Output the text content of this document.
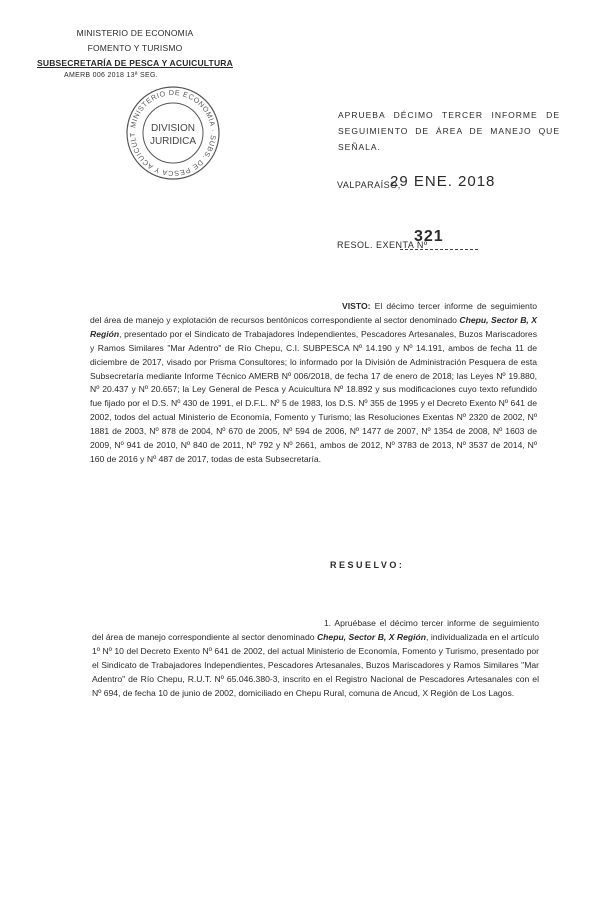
MINISTERIO DE ECONOMIA
FOMENTO Y TURISMO
SUBSECRETARÍA DE PESCA Y ACUICULTURA
AMERB 006 2018 13ª SEG.
MINISTERIO DE ECONOMIA · SUBS. DE PESCA Y ACUICULT
DIVISION
JURIDICA
APRUEBA DÉCIMO TERCER INFORME DE SEGUIMIENTO DE ÁREA DE MANEJO QUE SEÑALA.
VALPARAÍSO,
29 ENE. 2018
RESOL. EXENTA Nº
321
VISTO: El décimo tercer informe de seguimiento del área de manejo y explotación de recursos bentónicos correspondiente al sector denominado Chepu, Sector B, X Región, presentado por el Sindicato de Trabajadores Independientes, Pescadores Artesanales, Buzos Mariscadores y Ramos Similares "Mar Adentro" de Río Chepu, C.I. SUBPESCA Nº 14.190 y Nº 14.191, ambos de fecha 11 de diciembre de 2017, visado por Prisma Consultores; lo informado por la División de Administración Pesquera de esta Subsecretaría mediante Informe Técnico AMERB Nº 006/2018, de fecha 17 de enero de 2018; las Leyes Nº 19.880, Nº 20.437 y Nº 20.657; la Ley General de Pesca y Acuicultura Nº 18.892 y sus modificaciones cuyo texto refundido fue fijado por el D.S. Nº 430 de 1991, el D.F.L. Nº 5 de 1983, los D.S. Nº 355 de 1995 y el Decreto Exento Nº 641 de 2002, todos del actual Ministerio de Economía, Fomento y Turismo; las Resoluciones Exentas Nº 2320 de 2002, Nº 1881 de 2003, Nº 878 de 2004, Nº 670 de 2005, Nº 594 de 2006, Nº 1477 de 2007, Nº 1354 de 2008, Nº 1603 de 2009, Nº 941 de 2010, Nº 840 de 2011, Nº 792 y Nº 2661, ambos de 2012, Nº 3783 de 2013, Nº 3537 de 2014, Nº 160 de 2016 y Nº 487 de 2017, todas de esta Subsecretaría.
RESUELVO:
1. Apruébase el décimo tercer informe de seguimiento del área de manejo correspondiente al sector denominado Chepu, Sector B, X Región, individualizada en el artículo 1º Nº 10 del Decreto Exento Nº 641 de 2002, del actual Ministerio de Economía, Fomento y Turismo, presentado por el Sindicato de Trabajadores Independientes, Pescadores Artesanales, Buzos Mariscadores y Ramos Similares "Mar Adentro" de Río Chepu, R.U.T. Nº 65.046.380-3, inscrito en el Registro Nacional de Pescadores Artesanales con el Nº 694, de fecha 10 de junio de 2002, domiciliado en Chepu Rural, comuna de Ancud, X Región de Los Lagos.
